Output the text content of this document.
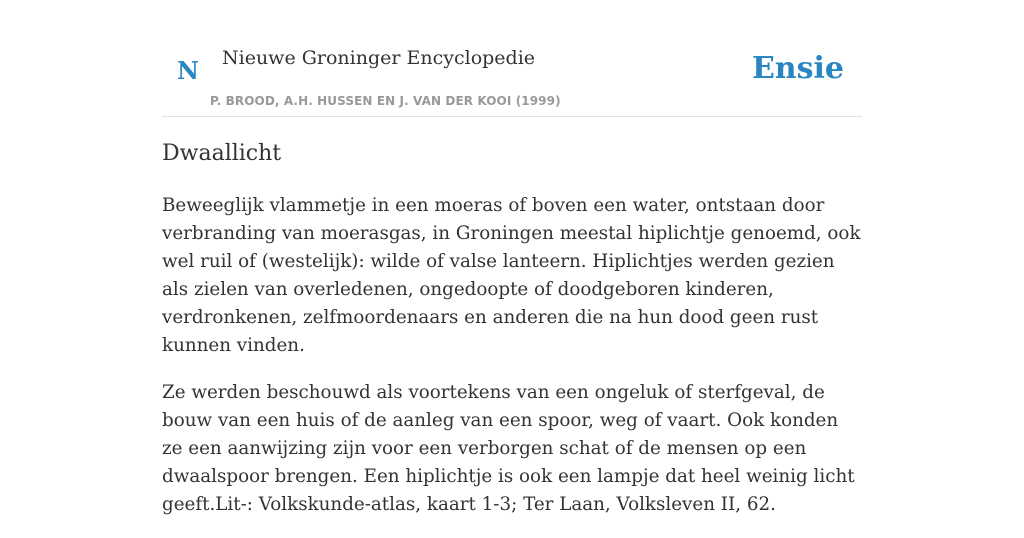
N Nieuwe Groninger Encyclopedie
P. BROOD, A.H. HUSSEN EN J. VAN DER KOOI (1999)
Ensie
Dwaallicht

Beweeglijk vlammetje in een moeras of boven een water, ontstaan door verbranding van moerasgas, in Groningen meestal hiplichtje genoemd, ook wel ruil of (westelijk): wilde of valse lanteern. Hiplichtjes werden gezien als zielen van overledenen, ongedoopte of doodgeboren kinderen, verdronkenen, zelfmoordenaars en anderen die na hun dood geen rust kunnen vinden.

Ze werden beschouwd als voortekens van een ongeluk of sterfgeval, de bouw van een huis of de aanleg van een spoor, weg of vaart. Ook konden ze een aanwijzing zijn voor een verborgen schat of de mensen op een dwaalspoor brengen. Een hiplichtje is ook een lampje dat heel weinig licht geeft.Lit-: Volkskunde-atlas, kaart 1-3; Ter Laan, Volksleven II, 62.
